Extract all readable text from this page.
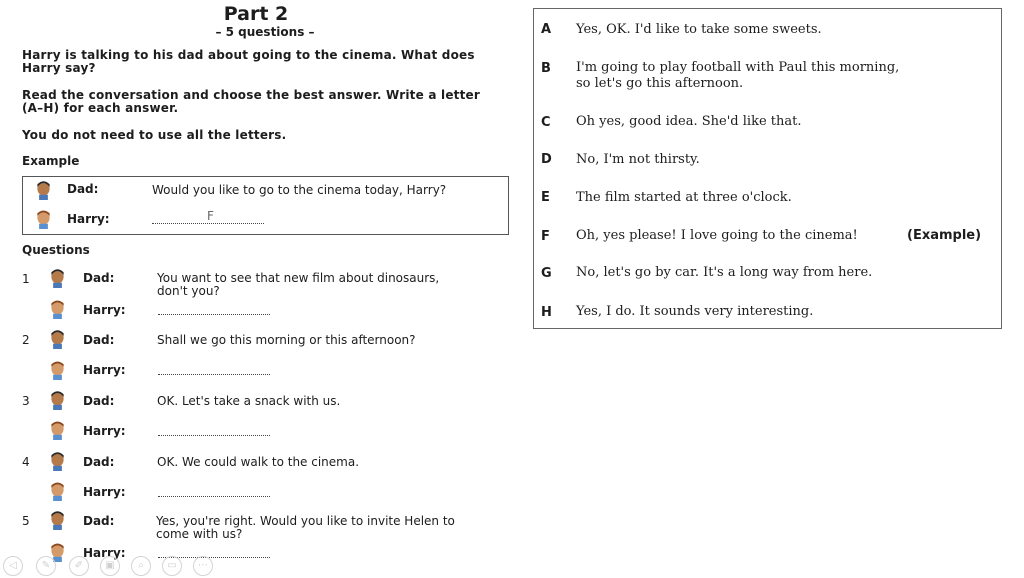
Part 2
– 5 questions –
Harry is talking to his dad about going to the cinema. What does Harry say?
Read the conversation and choose the best answer. Write a letter (A–H) for each answer.
You do not need to use all the letters.
Example
Dad:	Would you like to go to the cinema today, Harry?
Harry:	F
Questions
1	Dad:	You want to see that new film about dinosaurs,
don't you?
Harry:
2	Dad:	Shall we go this morning or this afternoon?
Harry:
3	Dad:	OK. Let's take a snack with us.
Harry:
4	Dad:	OK. We could walk to the cinema.
Harry:
5	Dad:	Yes, you're right. Would you like to invite Helen to
come with us?
Harry:
A Yes, OK. I'd like to take some sweets.
B I'm going to play football with Paul this morning,
so let's go this afternoon.
C Oh yes, good idea. She'd like that.
D No, I'm not thirsty.
E The film started at three o'clock.
F Oh, yes please! I love going to the cinema!	(Example)
G No, let's go by car. It's a long way from here.
H Yes, I do. It sounds very interesting.
◁	✎	✐	▣	⌕	▭	⋯
